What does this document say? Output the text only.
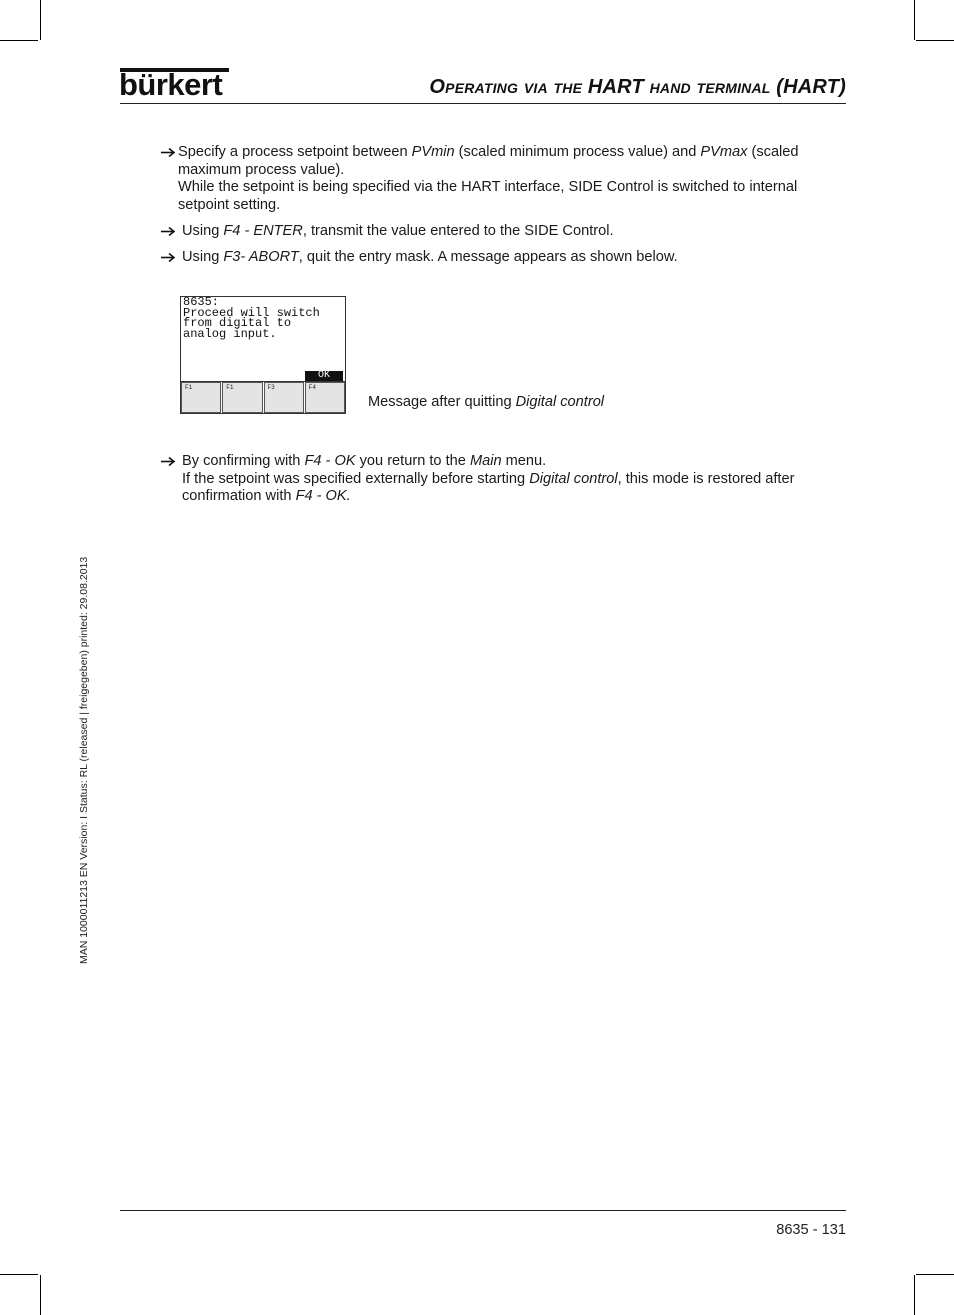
bürkert	Operating via the HART hand terminal (HART)

Specify a process setpoint between PVmin (scaled minimum process value) and PVmax (scaled maximum process value).

While the setpoint is being specified via the HART interface, SIDE Control is switched to internal setpoint setting.

Using F4 - ENTER, transmit the value entered to the SIDE Control.
Using F3- ABORT, quit the entry mask. A message appears as shown below.
8635:
Proceed will switch
from digital to
analog input.
OK
F1	F1	F3	F4
Message after quitting Digital control

By confirming with F4 - OK you return to the Main menu.

If the setpoint was specified externally before starting Digital control, this mode is restored after confirmation with F4 - OK.

MAN 1000011213 EN Version: I Status: RL (released | freigegeben) printed: 29.08.2013
8635 - 131
